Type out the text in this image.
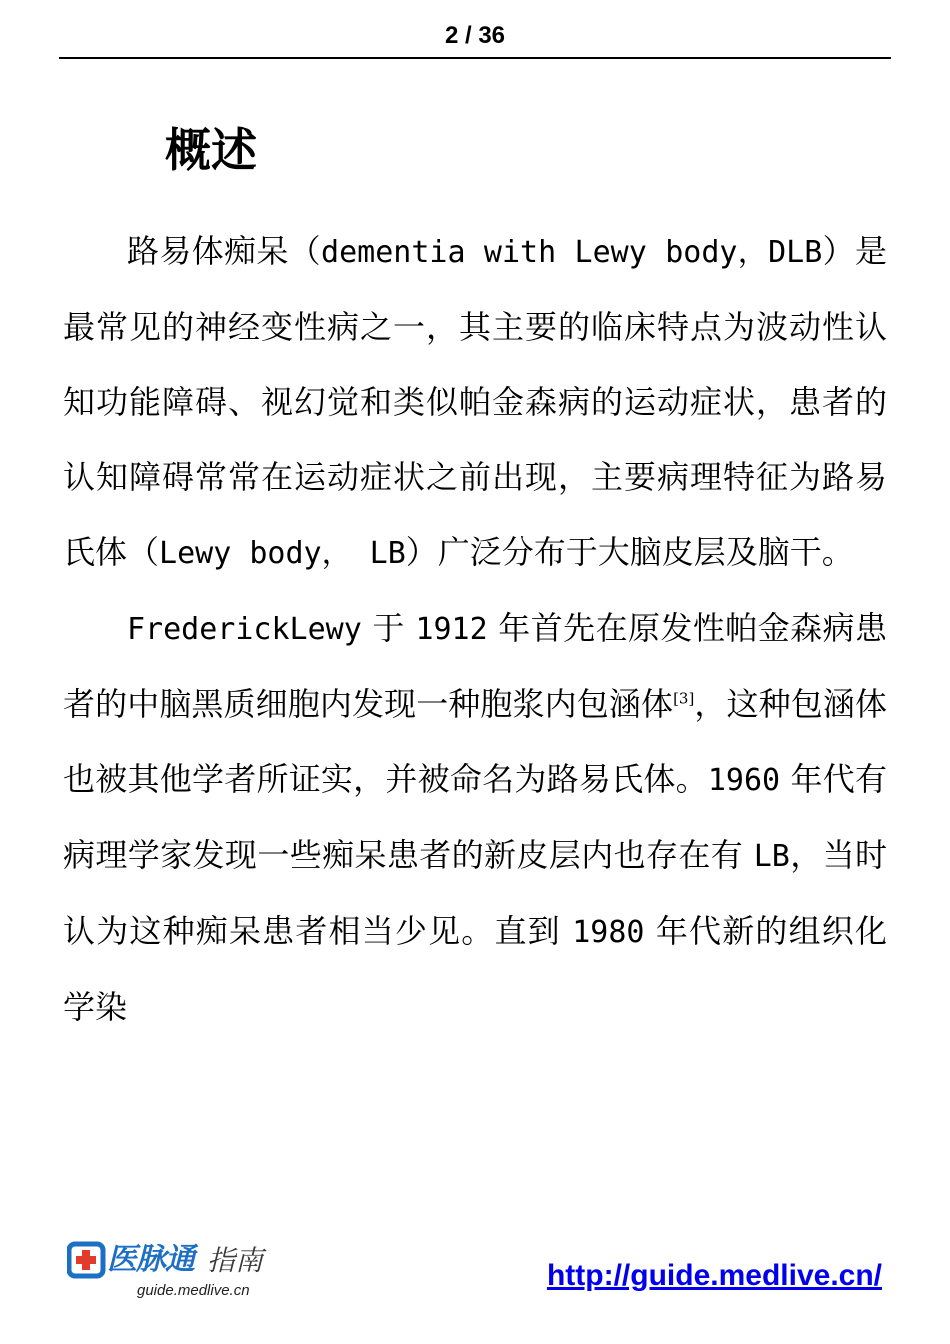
2 / 36
概述

路易体痴呆（dementia with Lewy body，DLB）是最常见的神经变性病之一，其主要的临床特点为波动性认知功能障碍、视幻觉和类似帕金森病的运动症状，患者的认知障碍常常在运动症状之前出现，主要病理特征为路易氏体（Lewy body， LB）广泛分布于大脑皮层及脑干。

FrederickLewy 于 1912 年首先在原发性帕金森病患者的中脑黑质细胞内发现一种胞浆内包涵体[3]，这种包涵体也被其他学者所证实，并被命名为路易氏体。1960 年代有病理学家发现一些痴呆患者的新皮层内也存在有 LB，当时认为这种痴呆患者相当少见。直到 1980 年代新的组织化学染

医脉通 指南
guide.medlive.cn	http://guide.medlive.cn/
